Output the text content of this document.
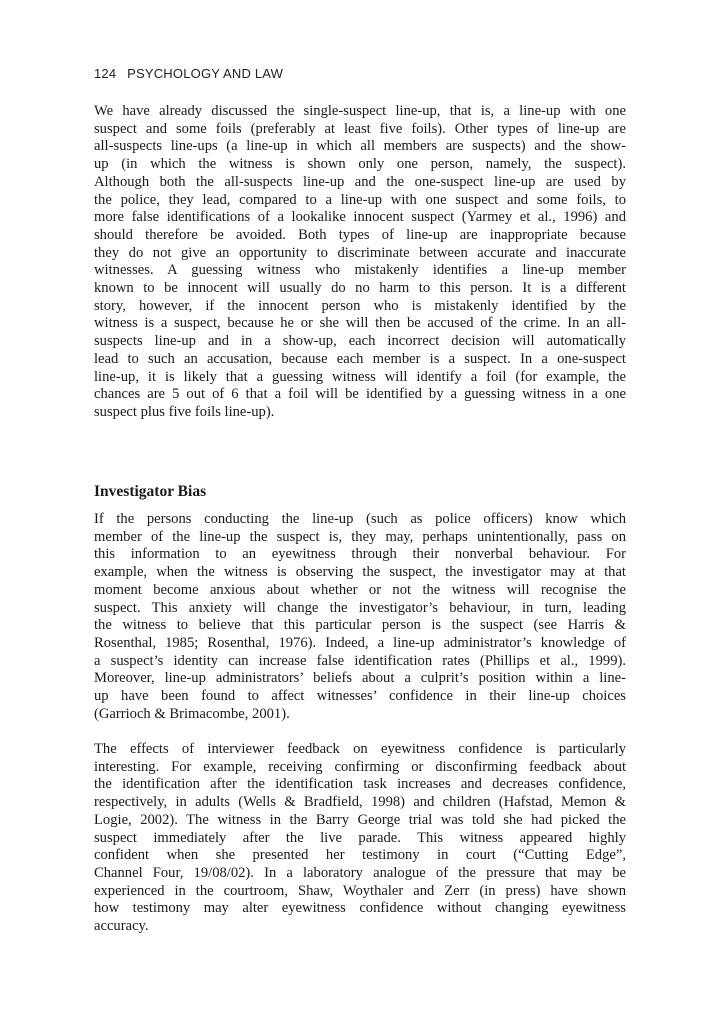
124 PSYCHOLOGY AND LAW

We have already discussed the single-suspect line-up, that is, a line-up with one
suspect and some foils (preferably at least five foils). Other types of line-up are
all-suspects line-ups (a line-up in which all members are suspects) and the show-
up (in which the witness is shown only one person, namely, the suspect).
Although both the all-suspects line-up and the one-suspect line-up are used by
the police, they lead, compared to a line-up with one suspect and some foils, to
more false identifications of a lookalike innocent suspect (Yarmey et al., 1996) and
should therefore be avoided. Both types of line-up are inappropriate because
they do not give an opportunity to discriminate between accurate and inaccurate
witnesses. A guessing witness who mistakenly identifies a line-up member
known to be innocent will usually do no harm to this person. It is a different
story, however, if the innocent person who is mistakenly identified by the
witness is a suspect, because he or she will then be accused of the crime. In an all-
suspects line-up and in a show-up, each incorrect decision will automatically
lead to such an accusation, because each member is a suspect. In a one-suspect
line-up, it is likely that a guessing witness will identify a foil (for example, the
chances are 5 out of 6 that a foil will be identified by a guessing witness in a one
suspect plus five foils line-up).

Investigator Bias

If the persons conducting the line-up (such as police officers) know which
member of the line-up the suspect is, they may, perhaps unintentionally, pass on
this information to an eyewitness through their nonverbal behaviour. For
example, when the witness is observing the suspect, the investigator may at that
moment become anxious about whether or not the witness will recognise the
suspect. This anxiety will change the investigator’s behaviour, in turn, leading
the witness to believe that this particular person is the suspect (see Harris &
Rosenthal, 1985; Rosenthal, 1976). Indeed, a line-up administrator’s knowledge of
a suspect’s identity can increase false identification rates (Phillips et al., 1999).
Moreover, line-up administrators’ beliefs about a culprit’s position within a line-
up have been found to affect witnesses’ confidence in their line-up choices
(Garrioch & Brimacombe, 2001).

The effects of interviewer feedback on eyewitness confidence is particularly
interesting. For example, receiving confirming or disconfirming feedback about
the identification after the identification task increases and decreases confidence,
respectively, in adults (Wells & Bradfield, 1998) and children (Hafstad, Memon &
Logie, 2002). The witness in the Barry George trial was told she had picked the
suspect immediately after the live parade. This witness appeared highly
confident when she presented her testimony in court (“Cutting Edge”,
Channel Four, 19/08/02). In a laboratory analogue of the pressure that may be
experienced in the courtroom, Shaw, Woythaler and Zerr (in press) have shown
how testimony may alter eyewitness confidence without changing eyewitness
accuracy.
